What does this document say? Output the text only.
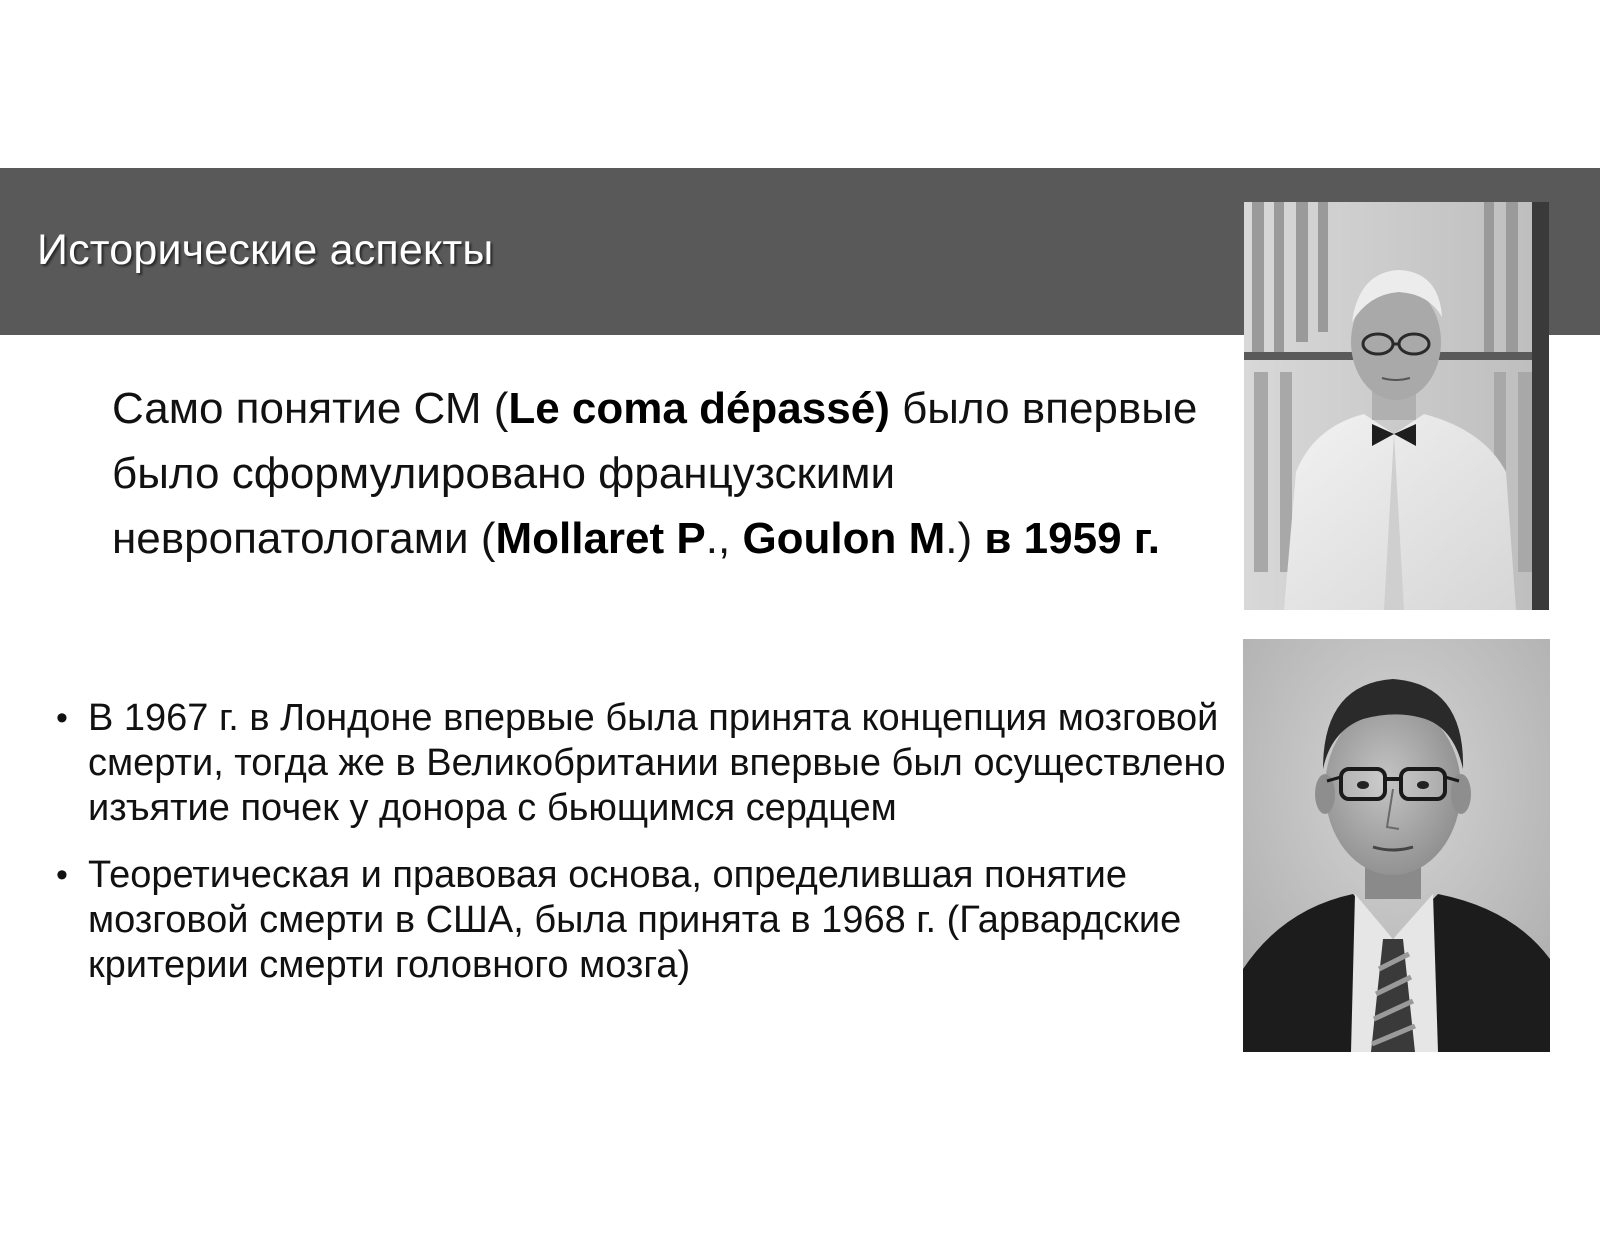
Исторические аспекты
Само понятие СМ (Le coma dépassé) было впервые было сформулировано французскими невропатологами (Mollaret P., Goulon M.) в 1959 г.
• В 1967 г. в Лондоне впервые была принята концепция мозговой смерти, тогда же в Великобритании впервые был осуществлено изъятие почек у донора с бьющимся сердцем
• Теоретическая и правовая основа, определившая понятие мозговой смерти в США, была принята в 1968 г. (Гарвардские критерии смерти головного мозга)
